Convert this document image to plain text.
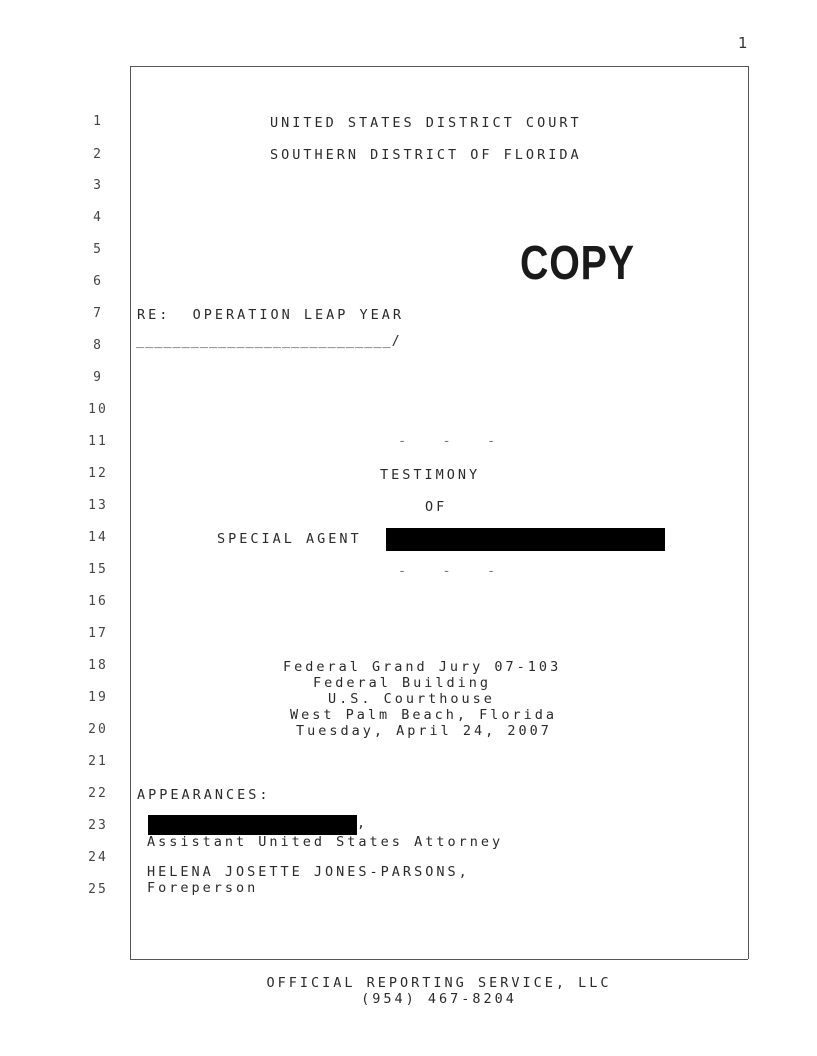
1
1
2
3
4
5
6
7
8
9
10
11
12
13
14
15
16
17
18
19
20
21
22
23
24
25
UNITED STATES DISTRICT COURT
SOUTHERN DISTRICT OF FLORIDA
COPY
RE:  OPERATION LEAP YEAR
____________________________/
-   -   -
TESTIMONY
OF
SPECIAL AGENT
-   -   -
Federal Grand Jury 07-103
Federal Building
U.S. Courthouse
West Palm Beach, Florida
Tuesday, April 24, 2007
APPEARANCES:
,
Assistant United States Attorney
HELENA JOSETTE JONES-PARSONS,
Foreperson
OFFICIAL REPORTING SERVICE, LLC
(954) 467-8204
